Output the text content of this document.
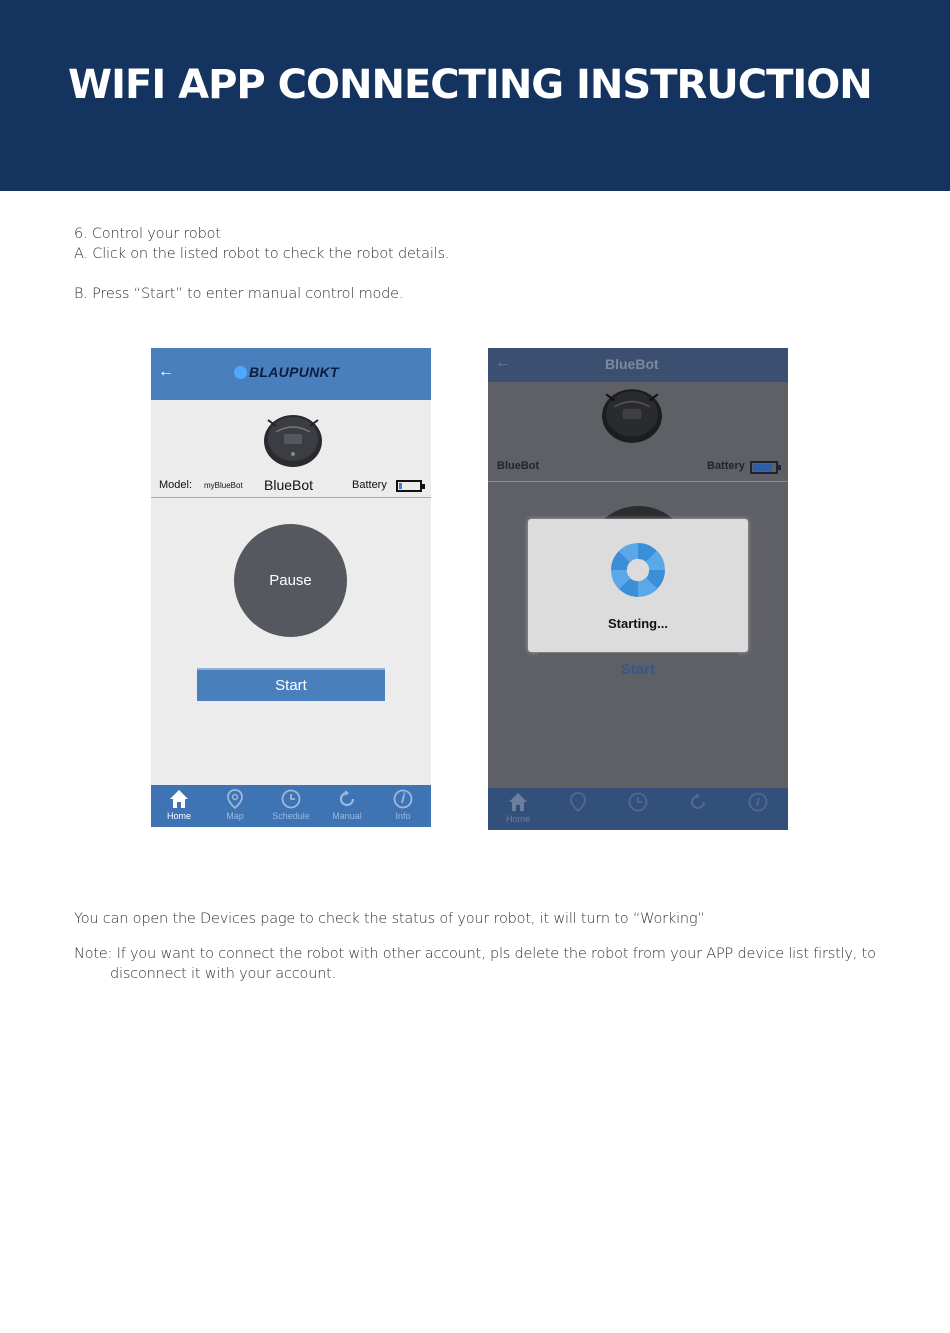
WIFI APP CONNECTING INSTRUCTION
6. Control your robot
A. Click on the listed robot to check the robot details.
B. Press “Start” to enter manual control mode.
←	BLAUPUNKT
Model: myBlueBot BlueBot	Battery
Pause
Start
Home	Map	Schedule Manual	Info
←	BlueBot
BlueBot	Battery
Starting...
Start
Home
You can open the Devices page to check the status of your robot, it will turn to “Working”
Note: If you want to connect the robot with other account, pls delete the robot from your APP device list firstly, to
disconnect it with your account.
